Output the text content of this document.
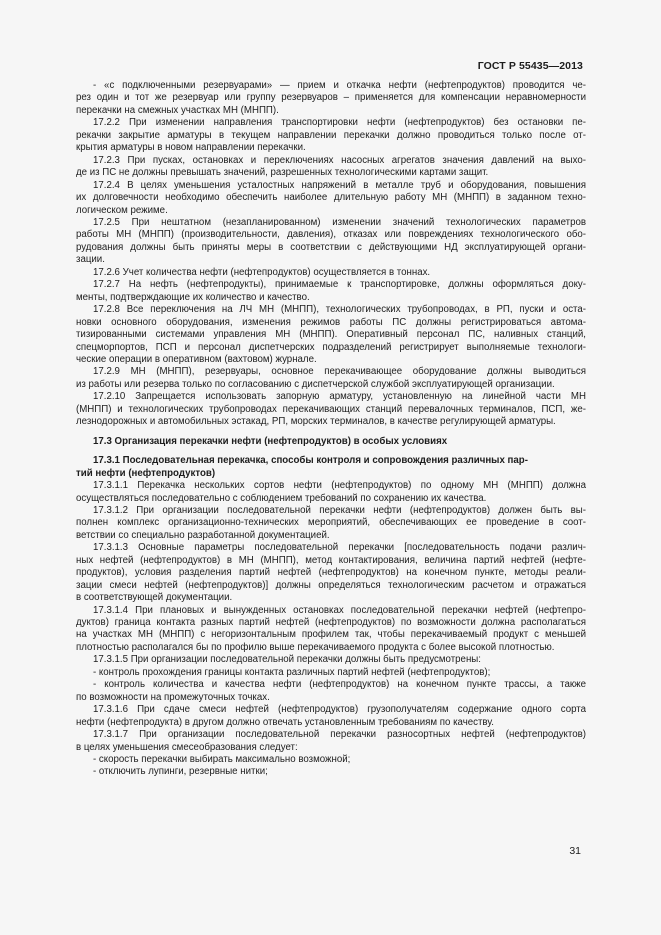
ГОСТ Р 55435—2013
- «с подключенными резервуарами» — прием и откачка нефти (нефтепродуктов) проводится че-
рез один и тот же резервуар или группу резервуаров – применяется для компенсации неравномерности
перекачки на смежных участках МН (МНПП).
17.2.2 При изменении направления транспортировки нефти (нефтепродуктов) без остановки пе-
рекачки закрытие арматуры в текущем направлении перекачки должно проводиться только после от-
крытия арматуры в новом направлении перекачки.
17.2.3 При пусках, остановках и переключениях насосных агрегатов значения давлений на выхо-
де из ПС не должны превышать значений, разрешенных технологическими картами защит.
17.2.4 В целях уменьшения усталостных напряжений в металле труб и оборудования, повышения
их долговечности необходимо обеспечить наиболее длительную работу МН (МНПП) в заданном техно-
логическом режиме.
17.2.5 При нештатном (незапланированном) изменении значений технологических параметров
работы МН (МНПП) (производительности, давления), отказах или повреждениях технологического обо-
рудования должны быть приняты меры в соответствии с действующими НД эксплуатирующей органи-
зации.
17.2.6 Учет количества нефти (нефтепродуктов) осуществляется в тоннах.
17.2.7 На нефть (нефтепродукты), принимаемые к транспортировке, должны оформляться доку-
менты, подтверждающие их количество и качество.
17.2.8 Все переключения на ЛЧ МН (МНПП), технологических трубопроводах, в РП, пуски и оста-
новки основного оборудования, изменения режимов работы ПС должны регистрироваться автома-
тизированными системами управления МН (МНПП). Оперативный персонал ПС, наливных станций,
спецморпортов, ПСП и персонал диспетчерских подразделений регистрирует выполняемые технологи-
ческие операции в оперативном (вахтовом) журнале.
17.2.9 МН (МНПП), резервуары, основное перекачивающее оборудование должны выводиться
из работы или резерва только по согласованию с диспетчерской службой эксплуатирующей организации.
17.2.10 Запрещается использовать запорную арматуру, установленную на линейной части МН
(МНПП) и технологических трубопроводах перекачивающих станций перевалочных терминалов, ПСП, же-
лезнодорожных и автомобильных эстакад, РП, морских терминалов, в качестве регулирующей арматуры.

17.3 Организация перекачки нефти (нефтепродуктов) в особых условиях

17.3.1 Последовательная перекачка, способы контроля и сопровождения различных пар-
тий нефти (нефтепродуктов)

17.3.1.1 Перекачка нескольких сортов нефти (нефтепродуктов) по одному МН (МНПП) должна
осуществляться последовательно с соблюдением требований по сохранению их качества.
17.3.1.2 При организации последовательной перекачки нефти (нефтепродуктов) должен быть вы-
полнен комплекс организационно-технических мероприятий, обеспечивающих ее проведение в соот-
ветствии со специально разработанной документацией.
17.3.1.3 Основные параметры последовательной перекачки [последовательность подачи различ-
ных нефтей (нефтепродуктов) в МН (МНПП), метод контактирования, величина партий нефтей (нефте-
продуктов), условия разделения партий нефтей (нефтепродуктов) на конечном пункте, методы реали-
зации смеси нефтей (нефтепродуктов)] должны определяться технологическим расчетом и отражаться
в соответствующей документации.
17.3.1.4 При плановых и вынужденных остановках последовательной перекачки нефтей (нефтепро-
дуктов) граница контакта разных партий нефтей (нефтепродуктов) по возможности должна располагаться
на участках МН (МНПП) с негоризонтальным профилем так, чтобы перекачиваемый продукт с меньшей
плотностью располагался бы по профилю выше перекачиваемого продукта с более высокой плотностью.
17.3.1.5 При организации последовательной перекачки должны быть предусмотрены:
- контроль прохождения границы контакта различных партий нефтей (нефтепродуктов);
- контроль количества и качества нефти (нефтепродуктов) на конечном пункте трассы, а также
по возможности на промежуточных точках.
17.3.1.6 При сдаче смеси нефтей (нефтепродуктов) грузополучателям содержание одного сорта
нефти (нефтепродукта) в другом должно отвечать установленным требованиям по качеству.
17.3.1.7 При организации последовательной перекачки разносортных нефтей (нефтепродуктов)
в целях уменьшения смесеобразования следует:
- скорость перекачки выбирать максимально возможной;
- отключить лупинги, резервные нитки;
31
